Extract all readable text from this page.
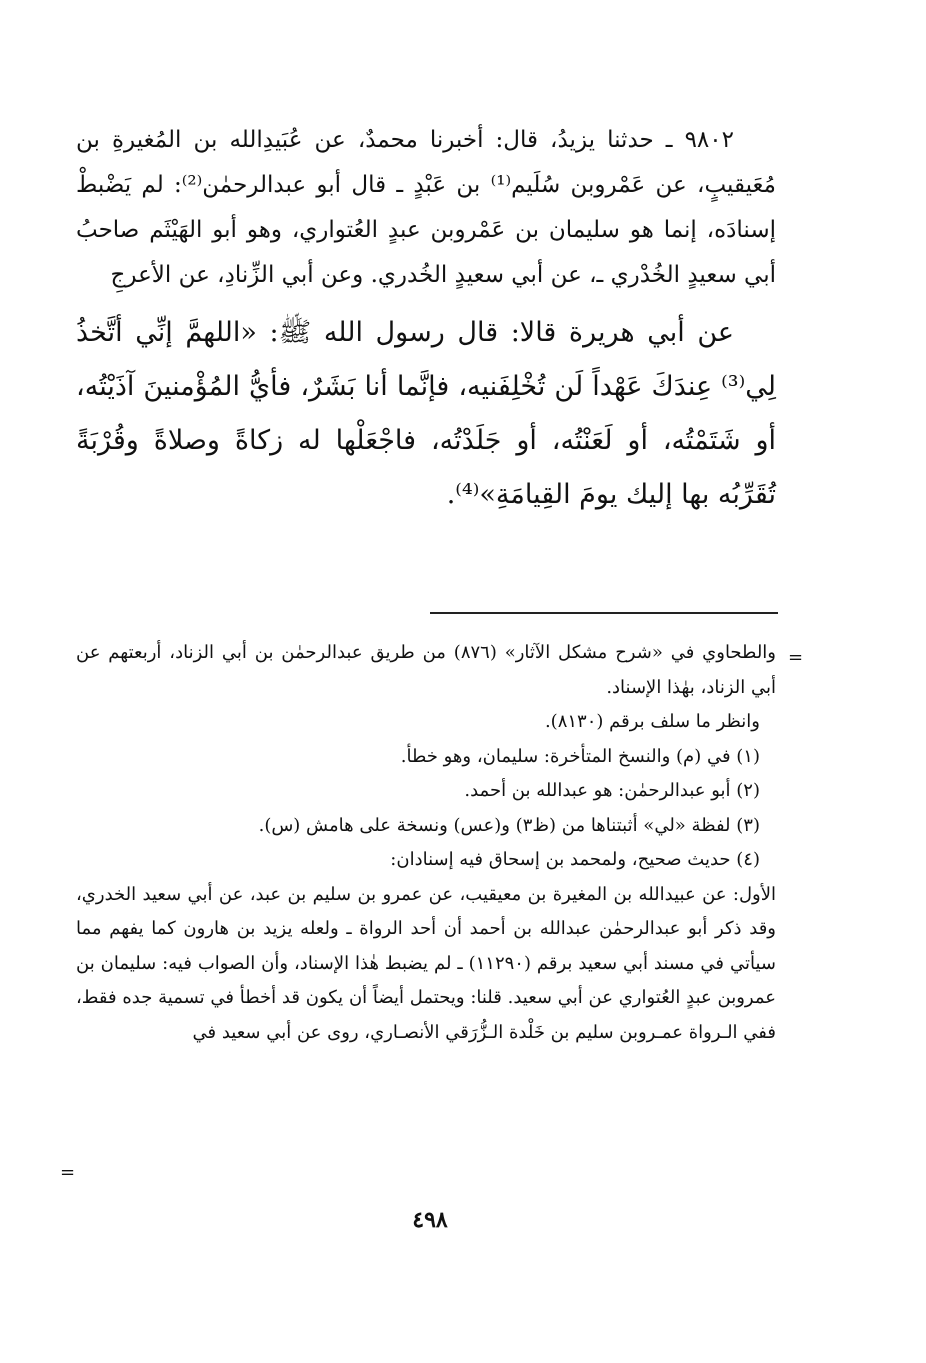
٩٨٠٢ ـ حدثنا يزيدُ، قال: أخبرنا محمدٌ، عن عُبَيدِالله بن المُغيرةِ بن مُعَيقيبٍ، عن عَمْروبن سُلَيم⁽¹⁾ بن عَبْدٍ ـ قال أبو عبدالرحمٰن⁽²⁾: لم يَضْبطْ إسنادَه، إنما هو سليمان بن عَمْروبن عبدٍ العُتواري، وهو أبو الهَيْثَم صاحبُ أبي سعيدٍ الخُدْري ـ، عن أبي سعيدٍ الخُدري. وعن أبي الزِّنادِ، عن الأعرجِ

عن أبي هريرة قالا: قال رسول الله ﷺ: «اللهمَّ إنِّي أتَّخذُ لِي⁽³⁾ عِندَكَ عَهْداً لَن تُخْلِفَنيه، فإنَّما أنا بَشَرٌ، فأيُّ المُؤْمنينَ آذَيْتُه، أو شَتَمْتُه، أو لَعَنْتُه، أو جَلَدْتُه، فاجْعَلْها له زكاةً وصلاةً وقُرْبَةً تُقَرِّبُه بها إليك يومَ القِيامَةِ»⁽⁴⁾.

=

والطحاوي في «شرح مشكل الآثار» (٨٧٦) من طريق عبدالرحمٰن بن أبي الزناد، أربعتهم عن أبي الزناد، بهٰذا الإسناد.

وانظر ما سلف برقم (٨١٣٠).

(١) في (م) والنسخ المتأخرة: سليمان، وهو خطأ.

(٢) أبو عبدالرحمٰن: هو عبدالله بن أحمد.

(٣) لفظة «لي» أثبتناها من (ظ٣) و(عس) ونسخة على هامش (س).

(٤) حديث صحيح، ولمحمد بن إسحاق فيه إسنادان:

الأول: عن عبيدالله بن المغيرة بن معيقيب، عن عمرو بن سليم بن عبد، عن أبي سعيد الخدري، وقد ذكر أبو عبدالرحمٰن عبدالله بن أحمد أن أحد الرواة ـ ولعله يزيد بن هارون كما يفهم مما سيأتي في مسند أبي سعيد برقم (١١٢٩٠) ـ لم يضبط هٰذا الإسناد، وأن الصواب فيه: سليمان بن عمروبن عبدٍ العُتواري عن أبي سعيد. قلنا: ويحتمل أيضاً أن يكون قد أخطأ في تسمية جده فقط، ففي الـرواة عمـروبن سليم بن خَلْدة الـزُّرَقي الأنصـاري، روى عن أبي سعيد في

=
٤٩٨
